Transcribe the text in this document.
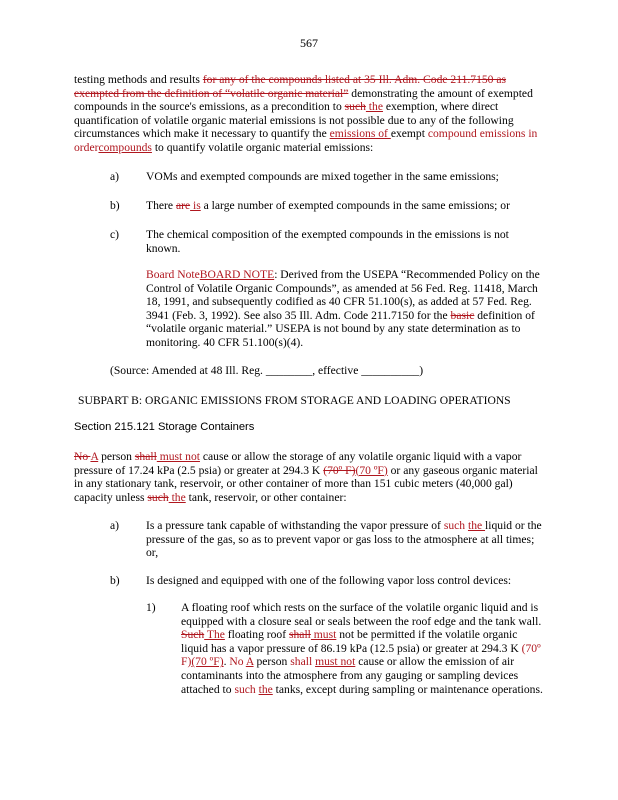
567

testing methods and results for any of the compounds listed at 35 Ill. Adm. Code 211.7150 as exempted from the definition of “volatile organic material” demonstrating the amount of exempted compounds in the source's emissions, as a precondition to such the exemption, where direct quantification of volatile organic material emissions is not possible due to any of the following circumstances which make it necessary to quantify the emissions of exempt compound emissions in ordercompounds to quantify volatile organic material emissions:

a) VOMs and exempted compounds are mixed together in the same emissions;

b) There are is a large number of exempted compounds in the same emissions; or

c) The chemical composition of the exempted compounds in the emissions is not known.

Board NoteBOARD NOTE: Derived from the USEPA “Recommended Policy on the Control of Volatile Organic Compounds”, as amended at 56 Fed. Reg. 11418, March 18, 1991, and subsequently codified as 40 CFR 51.100(s), as added at 57 Fed. Reg. 3941 (Feb. 3, 1992). See also 35 Ill. Adm. Code 211.7150 for the basic definition of “volatile organic material.” USEPA is not bound by any state determination as to monitoring. 40 CFR 51.100(s)(4).

(Source: Amended at 48 Ill. Reg. ________, effective __________)
SUBPART B: ORGANIC EMISSIONS FROM STORAGE AND LOADING OPERATIONS
Section 215.121 Storage Containers

No A person shall must not cause or allow the storage of any volatile organic liquid with a vapor pressure of 17.24 kPa (2.5 psia) or greater at 294.3 K (70º F)(70 ºF) or any gaseous organic material in any stationary tank, reservoir, or other container of more than 151 cubic meters (40,000 gal) capacity unless such the tank, reservoir, or other container:

a) Is a pressure tank capable of withstanding the vapor pressure of such the liquid or the pressure of the gas, so as to prevent vapor or gas loss to the atmosphere at all times; or,

b) Is designed and equipped with one of the following vapor loss control devices:

1) A floating roof which rests on the surface of the volatile organic liquid and is equipped with a closure seal or seals between the roof edge and the tank wall. Such The floating roof shall must not be permitted if the volatile organic liquid has a vapor pressure of 86.19 kPa (12.5 psia) or greater at 294.3 K (70º F)(70 ºF). No A person shall must not cause or allow the emission of air contaminants into the atmosphere from any gauging or sampling devices attached to such the tanks, except during sampling or maintenance operations.
